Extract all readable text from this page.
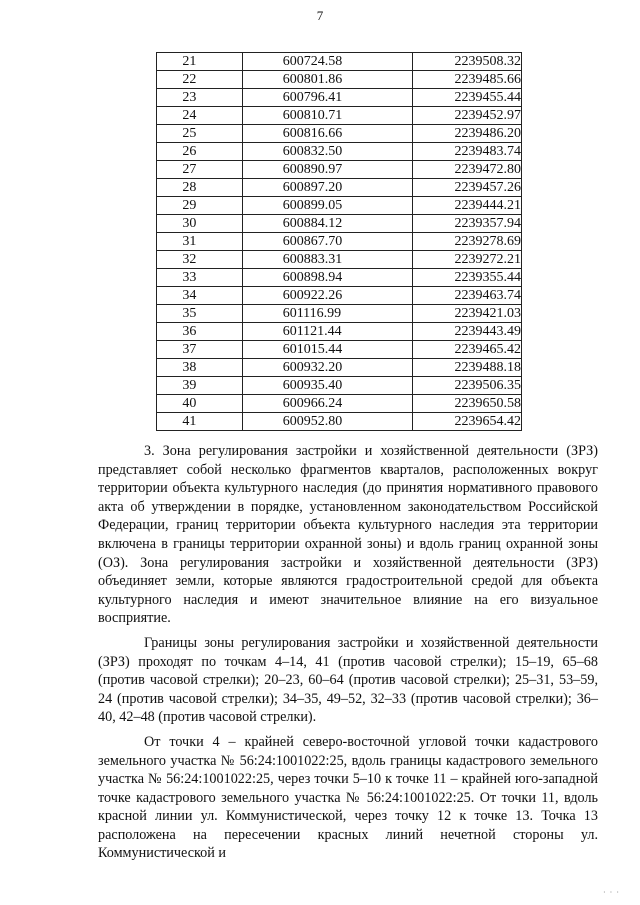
7
21	600724.58	2239508.32
22	600801.86	2239485.66
23	600796.41	2239455.44
24	600810.71	2239452.97
25	600816.66	2239486.20
26	600832.50	2239483.74
27	600890.97	2239472.80
28	600897.20	2239457.26
29	600899.05	2239444.21
30	600884.12	2239357.94
31	600867.70	2239278.69
32	600883.31	2239272.21
33	600898.94	2239355.44
34	600922.26	2239463.74
35	601116.99	2239421.03
36	601121.44	2239443.49
37	601015.44	2239465.42
38	600932.20	2239488.18
39	600935.40	2239506.35
40	600966.24	2239650.58
41	600952.80	2239654.42

3. Зона регулирования застройки и хозяйственной деятельности (ЗРЗ) представляет собой несколько фрагментов кварталов, расположенных вокруг территории объекта культурного наследия (до принятия нормативного правового акта об утверждении в порядке, установленном законодательством Российской Федерации, границ территории объекта культурного наследия эта территории включена в границы территории охранной зоны) и вдоль границ охранной зоны (ОЗ). Зона регулирования застройки и хозяйственной деятельности (ЗРЗ) объединяет земли, которые являются градостроительной средой для объекта культурного наследия и имеют значительное влияние на его визуальное восприятие.

Границы зоны регулирования застройки и хозяйственной деятельности (ЗРЗ) проходят по точкам 4–14, 41 (против часовой стрелки); 15–19, 65–68 (против часовой стрелки); 20–23, 60–64 (против часовой стрелки); 25–31, 53–59, 24 (против часовой стрелки); 34–35, 49–52, 32–33 (против часовой стрелки); 36–40, 42–48 (против часовой стрелки).

От точки 4 – крайней северо-восточной угловой точки кадастрового земельного участка № 56:24:1001022:25, вдоль границы кадастрового земельного участка № 56:24:1001022:25, через точки 5–10 к точке 11 – крайней юго-западной точке кадастрового земельного участка № 56:24:1001022:25. От точки 11, вдоль красной линии ул. Коммунистической, через точку 12 к точке 13. Точка 13 расположена на пересечении красных линий нечетной стороны ул. Коммунистической и

· · ·
